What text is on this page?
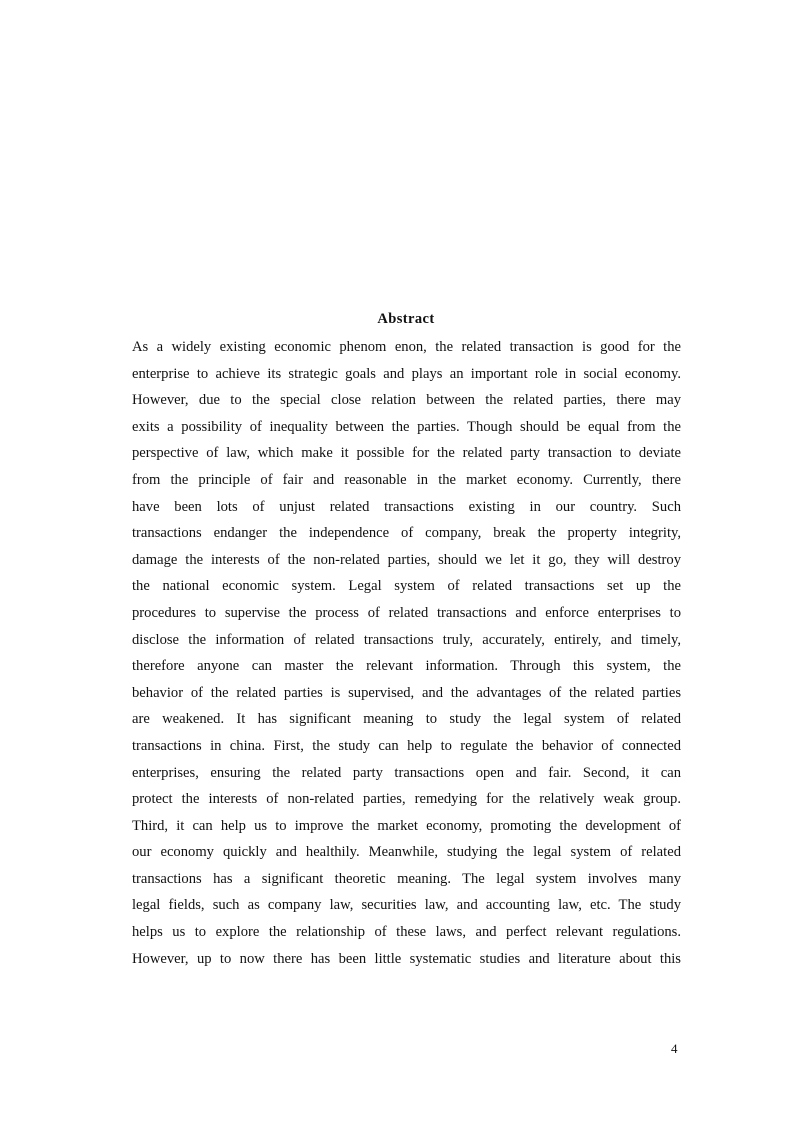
Abstract
As a widely existing economic phenom enon, the related transaction is good for the
enterprise to achieve its strategic goals and plays an important role in social economy.
However, due to the special close relation between the related parties, there may
exits a possibility of inequality between the parties. Though should be equal from the
perspective of law, which make it possible for the related party transaction to deviate
from the principle of fair and reasonable in the market economy. Currently, there
have been lots of unjust related transactions existing in our country. Such
transactions endanger the independence of company, break the property integrity,
damage the interests of the non-related parties, should we let it go, they will destroy
the national economic system. Legal system of related transactions set up the
procedures to supervise the process of related transactions and enforce enterprises to
disclose the information of related transactions truly, accurately, entirely, and timely,
therefore anyone can master the relevant information. Through this system, the
behavior of the related parties is supervised, and the advantages of the related parties
are weakened. It has significant meaning to study the legal system of related
transactions in china. First, the study can help to regulate the behavior of connected
enterprises, ensuring the related party transactions open and fair. Second, it can
protect the interests of non-related parties, remedying for the relatively weak group.
Third, it can help us to improve the market economy, promoting the development of
our economy quickly and healthily. Meanwhile, studying the legal system of related
transactions has a significant theoretic meaning. The legal system involves many
legal fields, such as company law, securities law, and accounting law, etc. The study
helps us to explore the relationship of these laws, and perfect relevant regulations.
However, up to now there has been little systematic studies and literature about this
4
